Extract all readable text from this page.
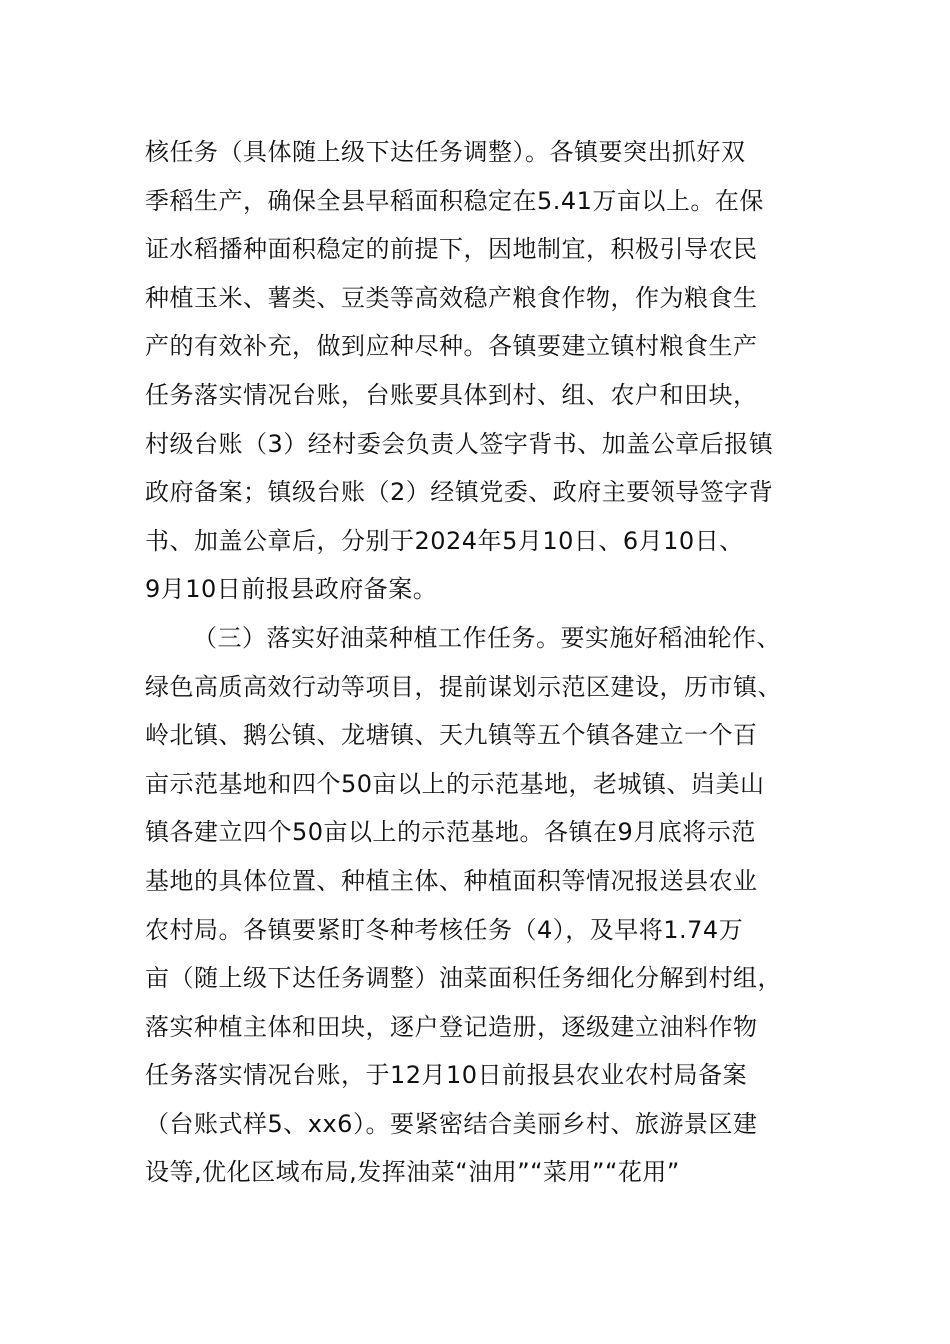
核任务（具体随上级下达任务调整）。各镇要突出抓好双
季稻生产，确保全县早稻面积稳定在5.41万亩以上。在保
证水稻播种面积稳定的前提下，因地制宜，积极引导农民
种植玉米、薯类、豆类等高效稳产粮食作物，作为粮食生
产的有效补充，做到应种尽种。各镇要建立镇村粮食生产
任务落实情况台账，台账要具体到村、组、农户和田块，
村级台账（3）经村委会负责人签字背书、加盖公章后报镇
政府备案；镇级台账（2）经镇党委、政府主要领导签字背
书、加盖公章后，分别于2024年5月10日、6月10日、
9月10日前报县政府备案。
（三）落实好油菜种植工作任务。要实施好稻油轮作、
绿色高质高效行动等项目，提前谋划示范区建设，历市镇、
岭北镇、鹅公镇、龙塘镇、天九镇等五个镇各建立一个百
亩示范基地和四个50亩以上的示范基地，老城镇、岿美山
镇各建立四个50亩以上的示范基地。各镇在9月底将示范
基地的具体位置、种植主体、种植面积等情况报送县农业
农村局。各镇要紧盯冬种考核任务（4），及早将1.74万
亩（随上级下达任务调整）油菜面积任务细化分解到村组，
落实种植主体和田块，逐户登记造册，逐级建立油料作物
任务落实情况台账，于12月10日前报县农业农村局备案
（台账式样5、xx6）。要紧密结合美丽乡村、旅游景区建
设等,优化区域布局,发挥油菜“油用”“菜用”“花用”
